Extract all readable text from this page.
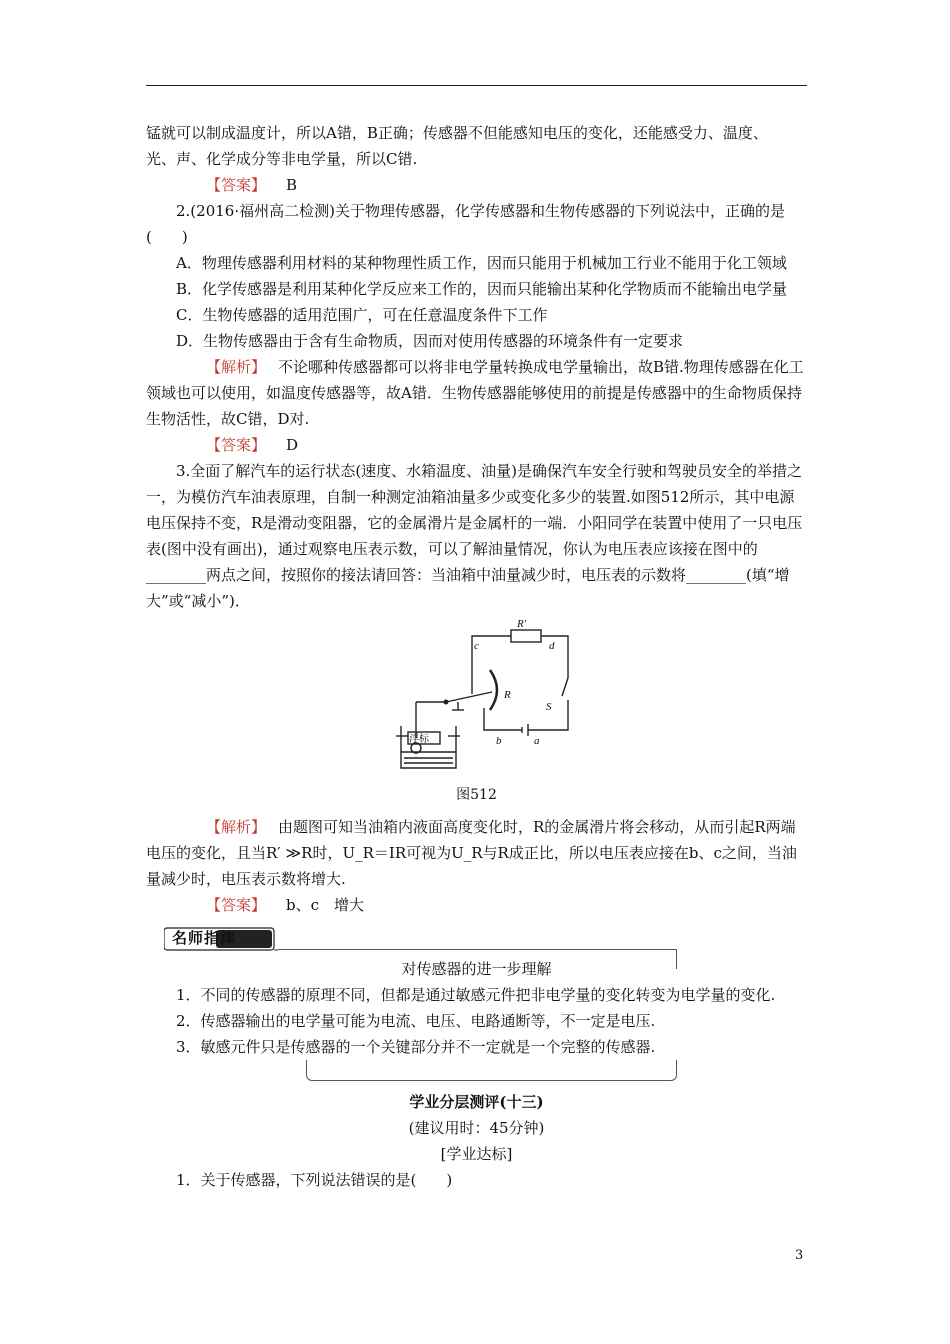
锰就可以制成温度计，所以A错，B正确；传感器不但能感知电压的变化，还能感受力、温度、

光、声、化学成分等非电学量，所以C错.

【答案】 B

2.(2016·福州高二检测)关于物理传感器，化学传感器和生物传感器的下列说法中，正确的是(　　)

A．物理传感器利用材料的某种物理性质工作，因而只能用于机械加工行业不能用于化工领域

B．化学传感器是利用某种化学反应来工作的，因而只能输出某种化学物质而不能输出电学量

C．生物传感器的适用范围广，可在任意温度条件下工作

D．生物传感器由于含有生命物质，因而对使用传感器的环境条件有一定要求

【解析】 不论哪种传感器都可以将非电学量转换成电学量输出，故B错.物理传感器在化工领域也可以使用，如温度传感器等，故A错．生物传感器能够使用的前提是传感器中的生命物质保持生物活性，故C错，D对.

【答案】 D

3.全面了解汽车的运行状态(速度、水箱温度、油量)是确保汽车安全行驶和驾驶员安全的举措之一，为模仿汽车油表原理，自制一种测定油箱油量多少或变化多少的装置.如图512所示，其中电源电压保持不变，R是滑动变阻器，它的金属滑片是金属杆的一端．小阳同学在装置中使用了一只电压表(图中没有画出)，通过观察电压表示数，可以了解油量情况，你认为电压表应该接在图中的________两点之间，按照你的接法请回答：当油箱中油量减少时，电压表的示数将________(填“增大”或“减小”)．

R′
c	d
R
S
b	a
浮标

图512

【解析】 由题图可知当油箱内液面高度变化时，R的金属滑片将会移动，从而引起R两端电压的变化，且当R′ ≫R时，U_R＝IR可视为U_R与R成正比，所以电压表应接在b、c之间，当油量减少时，电压表示数将增大.

【答案】 b、c　增大

名师指津

对传感器的进一步理解

1．不同的传感器的原理不同，但都是通过敏感元件把非电学量的变化转变为电学量的变化.

2．传感器输出的电学量可能为电流、电压、电路通断等，不一定是电压.

3．敏感元件只是传感器的一个关键部分并不一定就是一个完整的传感器.

学业分层测评(十三)

(建议用时：45分钟)

[学业达标]

1．关于传感器，下列说法错误的是(　　)

3
